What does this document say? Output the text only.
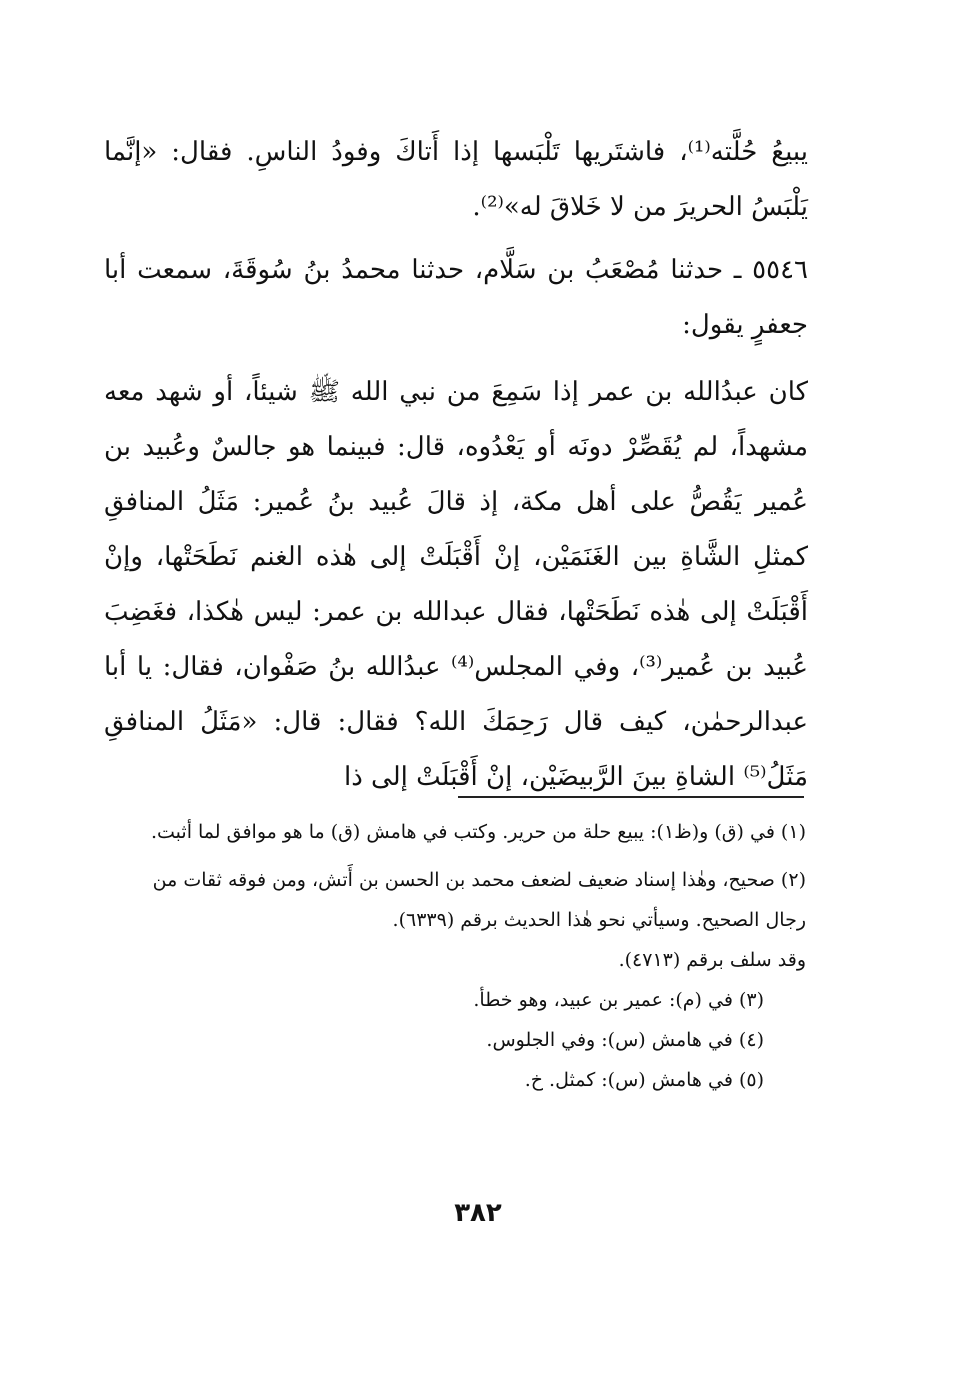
يبيعُ حُلَّته⁽¹⁾، فاشتَريها تَلْبَسها إذا أَتاكَ وفودُ الناسِ. فقال: «إنَّما يَلْبَسُ الحريرَ من لا خَلاقَ له»⁽²⁾.

٥٥٤٦ ـ حدثنا مُصْعَبُ بن سَلَّام، حدثنا محمدُ بنُ سُوقَةَ، سمعت أبا جعفرٍ يقول:

كان عبدُالله بن عمر إذا سَمِعَ من نبي الله ﷺ شيئاً، أو شهد معه مشهداً، لم يُقَصِّرْ دونَه أو يَعْدُوه، قال: فبينما هو جالسٌ وعُبيد بن عُمير يَقُصُّ على أهل مكة، إذ قالَ عُبيد بنُ عُمير: مَثَلُ المنافقِ كمثلِ الشَّاةِ بين الغَنَمَيْن، إنْ أَقْبَلَتْ إلى هٰذه الغنم نَطَحَتْها، وإنْ أَقْبَلَتْ إلى هٰذه نَطَحَتْها، فقال عبدالله بن عمر: ليس هٰكذا، فغَضِبَ عُبيد بن عُمير⁽³⁾، وفي المجلس⁽⁴⁾ عبدُالله بنُ صَفْوان، فقال: يا أبا عبدالرحمٰن، كيف قال رَحِمَكَ الله؟ فقال: قال: «مَثَلُ المنافقِ مَثَلُ⁽⁵⁾ الشاةِ بينَ الرَّبيضَيْن، إنْ أَقْبَلَتْ إلى ذا

(١) في (ق) و(ظ١): يبيع حلة من حرير. وكتب في هامش (ق) ما هو موافق لما أثبت.

(٢) صحيح، وهٰذا إسناد ضعيف لضعف محمد بن الحسن بن أَتش، ومن فوقه ثقات من رجال الصحيح. وسيأتي نحو هٰذا الحديث برقم (٦٣٣٩).

وقد سلف برقم (٤٧١٣).

(٣) في (م): عمير بن عبيد، وهو خطأ.

(٤) في هامش (س): وفي الجلوس.

(٥) في هامش (س): كمثل. خ.

٣٨٢
